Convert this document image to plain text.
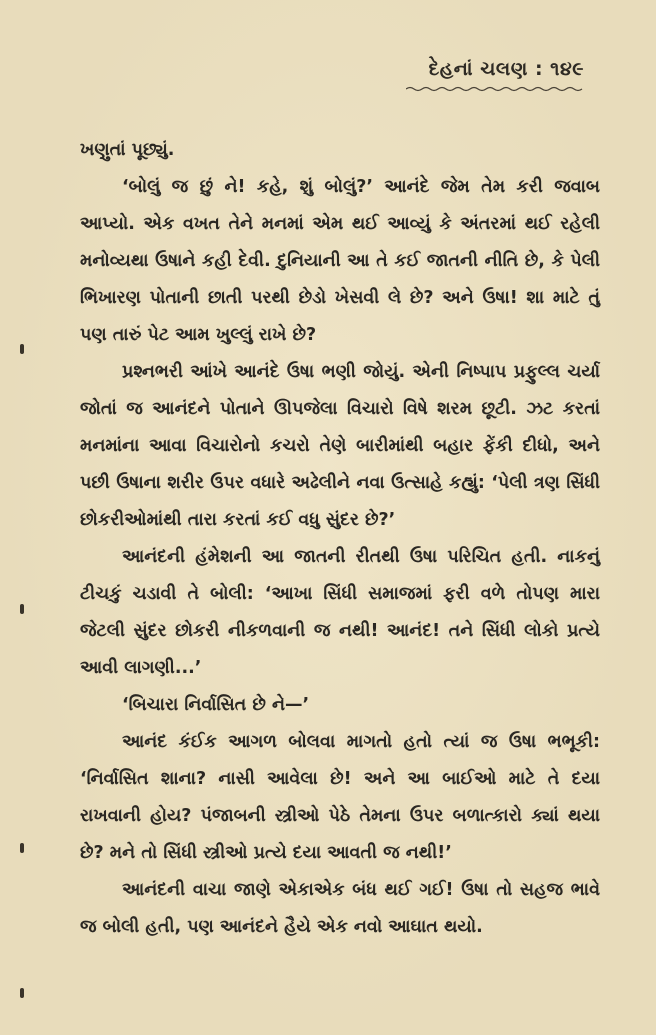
દેહનાં ચલણ : ૧૪૯

ખણુતાં પૂછ્યું.

‘બોલું જ છું ને! કહે, શું બોલું?’ આનંદે જેમ તેમ કરી જવાબ આપ્યો. એક વખત તેને મનમાં એમ થઈ આવ્યું કે અંતરમાં થઈ રહેલી મનોવ્યથા ઉષાને કહી દેવી. દુનિયાની આ તે કઈ જાતની નીતિ છે, કે પેલી ભિખારણ પોતાની છાતી પરથી છેડો ખેસવી લે છે? અને ઉષા! શા માટે તું પણ તારું પેટ આમ ખુલ્લું રાખે છે?

પ્રશ્નભરી આંખે આનંદે ઉષા ભણી જોયું. એની નિષ્પાપ પ્રફુલ્લ ચર્યા જોતાં જ આનંદને પોતાને ઊપજેલા વિચારો વિષે શરમ છૂટી. ઝટ કરતાં મનમાંના આવા વિચારોનો કચરો તેણે બારીમાંથી બહાર ફેંકી દીધો, અને પછી ઉષાના શરીર ઉપર વધારે અઢેલીને નવા ઉત્સાહે કહ્યું: ‘પેલી ત્રણ સિંધી છોકરીઓમાંથી તારા કરતાં કઈ વધુ સુંદર છે?’

આનંદની હંમેશની આ જાતની રીતથી ઉષા પરિચિત હતી. નાકનું ટીચકું ચડાવી તે બોલી: ‘આખા સિંધી સમાજમાં ફરી વળે તોપણ મારા જેટલી સુંદર છોકરી નીકળવાની જ નથી! આનંદ! તને સિંધી લોકો પ્રત્યે આવી લાગણી...’

‘બિચારા નિર્વાસિત છે ને—’

આનંદ કંઈક આગળ બોલવા માગતો હતો ત્યાં જ ઉષા ભભૂકી: ‘નિર્વાસિત શાના? નાસી આવેલા છે! અને આ બાઈઓ માટે તે દયા રાખવાની હોય? પંજાબની સ્ત્રીઓ પેઠે તેમના ઉપર બળાત્કારો ક્યાં થયા છે? મને તો સિંધી સ્ત્રીઓ પ્રત્યે દયા આવતી જ નથી!’

આનંદની વાચા જાણે એકાએક બંધ થઈ ગઈ! ઉષા તો સહજ ભાવે જ બોલી હતી, પણ આનંદને હૈયે એક નવો આઘાત થયો.
